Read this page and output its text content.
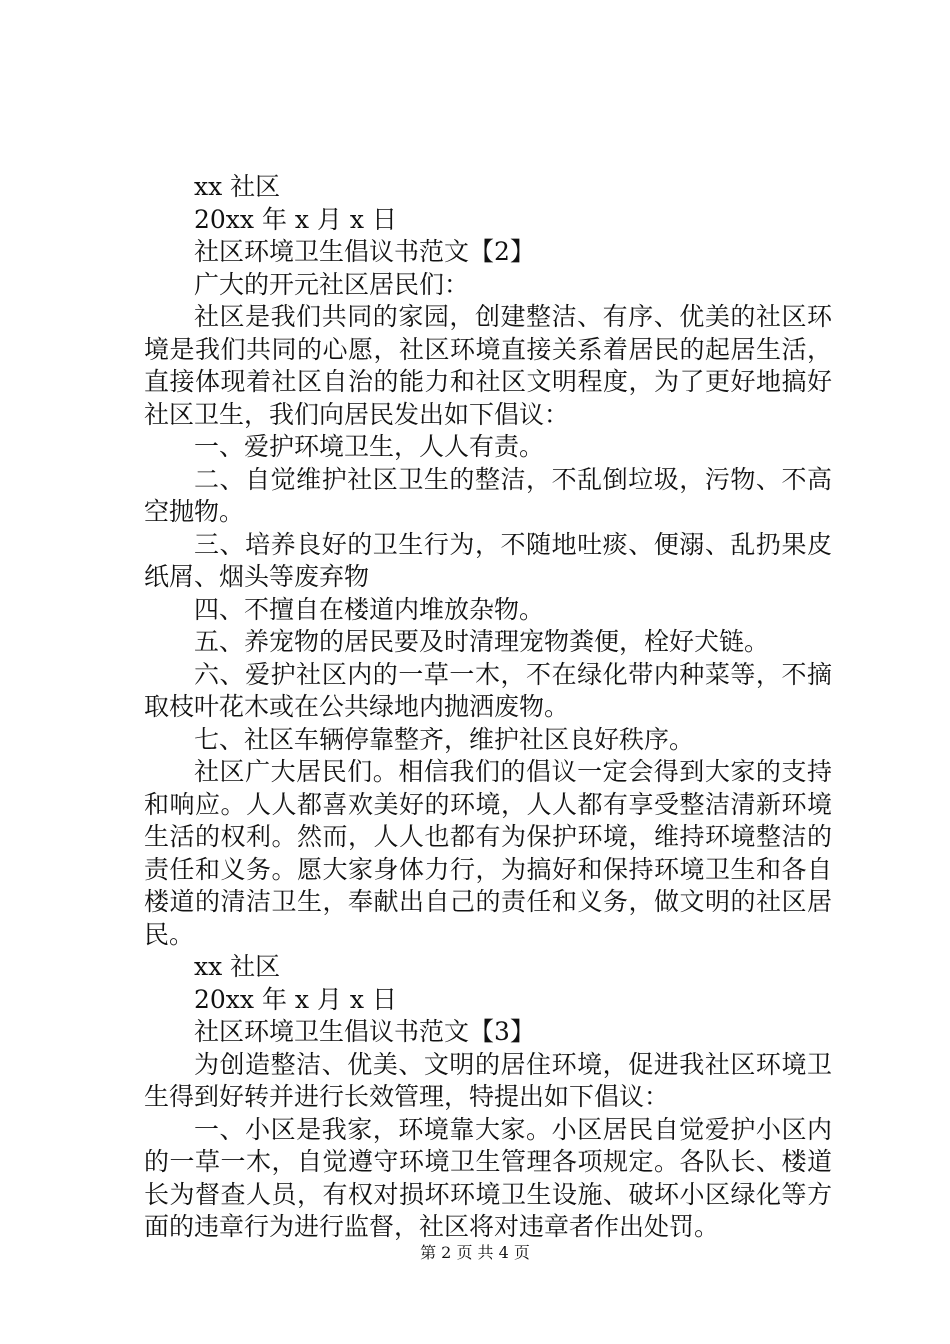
xx 社区

20xx 年 x 月 x 日

社区环境卫生倡议书范文【2】

广大的开元社区居民们：

社区是我们共同的家园，创建整洁、有序、优美的社区环境是我们共同的心愿，社区环境直接关系着居民的起居生活，直接体现着社区自治的能力和社区文明程度，为了更好地搞好社区卫生，我们向居民发出如下倡议：

一、爱护环境卫生，人人有责。

二、自觉维护社区卫生的整洁，不乱倒垃圾，污物、不高空抛物。

三、培养良好的卫生行为，不随地吐痰、便溺、乱扔果皮纸屑、烟头等废弃物

四、不擅自在楼道内堆放杂物。

五、养宠物的居民要及时清理宠物粪便，栓好犬链。

六、爱护社区内的一草一木，不在绿化带内种菜等，不摘取枝叶花木或在公共绿地内抛洒废物。

七、社区车辆停靠整齐，维护社区良好秩序。

社区广大居民们。相信我们的倡议一定会得到大家的支持和响应。人人都喜欢美好的环境，人人都有享受整洁清新环境生活的权利。然而，人人也都有为保护环境，维持环境整洁的责任和义务。愿大家身体力行，为搞好和保持环境卫生和各自楼道的清洁卫生，奉献出自己的责任和义务，做文明的社区居民。

xx 社区

20xx 年 x 月 x 日

社区环境卫生倡议书范文【3】

为创造整洁、优美、文明的居住环境，促进我社区环境卫生得到好转并进行长效管理，特提出如下倡议：

一、小区是我家，环境靠大家。小区居民自觉爱护小区内的一草一木，自觉遵守环境卫生管理各项规定。各队长、楼道长为督查人员，有权对损坏环境卫生设施、破坏小区绿化等方面的违章行为进行监督，社区将对违章者作出处罚。

第 2 页 共 4 页
